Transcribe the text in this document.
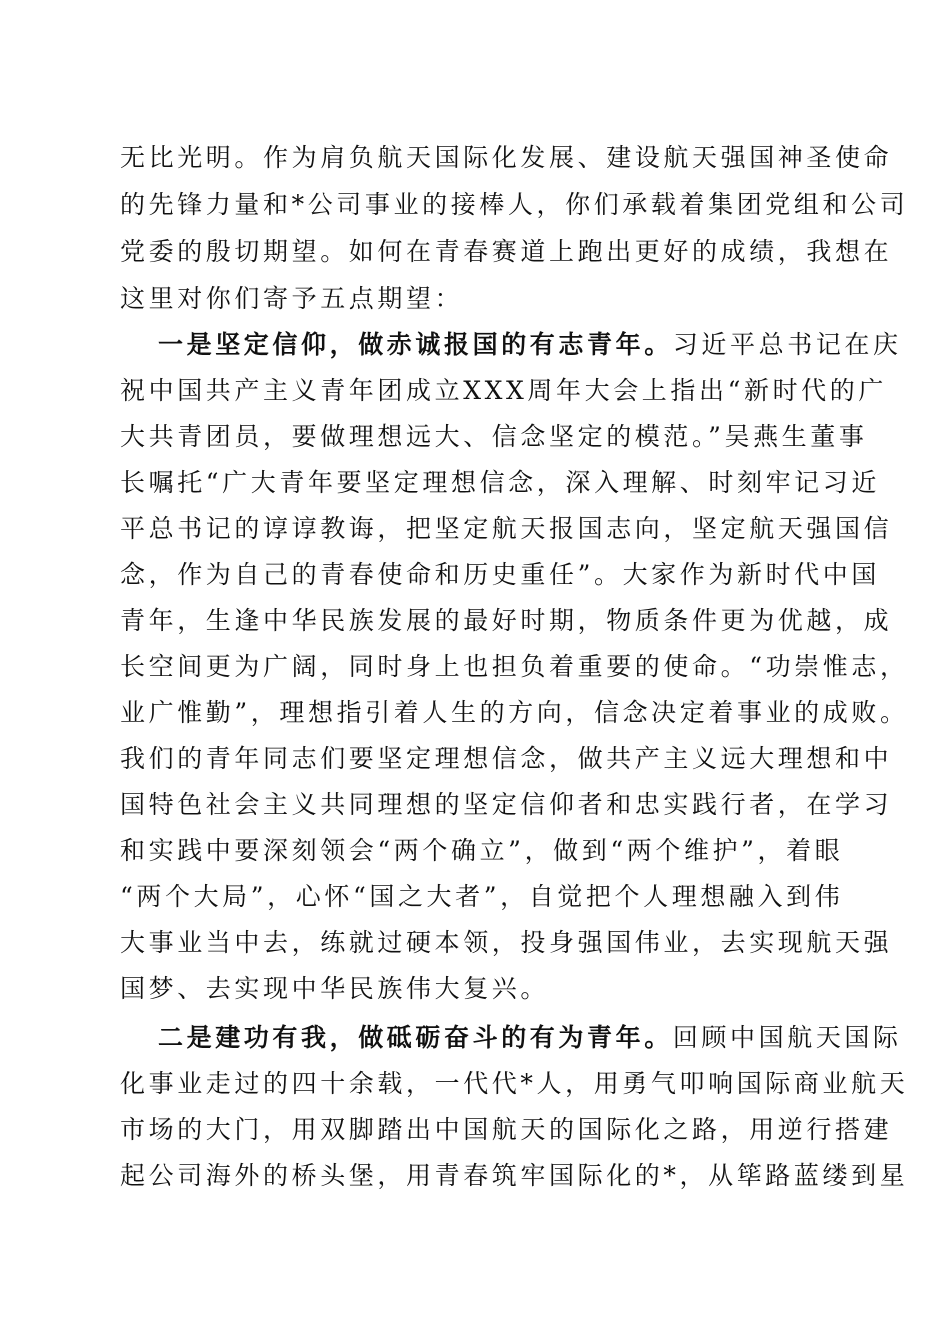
无比光明。作为肩负航天国际化发展、建设航天强国神圣使命
的先锋力量和*公司事业的接棒人，你们承载着集团党组和公司
党委的殷切期望。如何在青春赛道上跑出更好的成绩，我想在
这里对你们寄予五点期望：
一是坚定信仰，做赤诚报国的有志青年。习近平总书记在庆
祝中国共产主义青年团成立XXX周年大会上指出“新时代的广
大共青团员，要做理想远大、信念坚定的模范。”吴燕生董事
长嘱托“广大青年要坚定理想信念，深入理解、时刻牢记习近
平总书记的谆谆教诲，把坚定航天报国志向，坚定航天强国信
念，作为自己的青春使命和历史重任”。大家作为新时代中国
青年，生逢中华民族发展的最好时期，物质条件更为优越，成
长空间更为广阔，同时身上也担负着重要的使命。“功崇惟志，
业广惟勤”，理想指引着人生的方向，信念决定着事业的成败。
我们的青年同志们要坚定理想信念，做共产主义远大理想和中
国特色社会主义共同理想的坚定信仰者和忠实践行者，在学习
和实践中要深刻领会“两个确立”，做到“两个维护”，着眼
“两个大局”，心怀“国之大者”，自觉把个人理想融入到伟
大事业当中去，练就过硬本领，投身强国伟业，去实现航天强
国梦、去实现中华民族伟大复兴。
二是建功有我，做砥砺奋斗的有为青年。回顾中国航天国际
化事业走过的四十余载，一代代*人，用勇气叩响国际商业航天
市场的大门，用双脚踏出中国航天的国际化之路，用逆行搭建
起公司海外的桥头堡，用青春筑牢国际化的*，从筚路蓝缕到星
